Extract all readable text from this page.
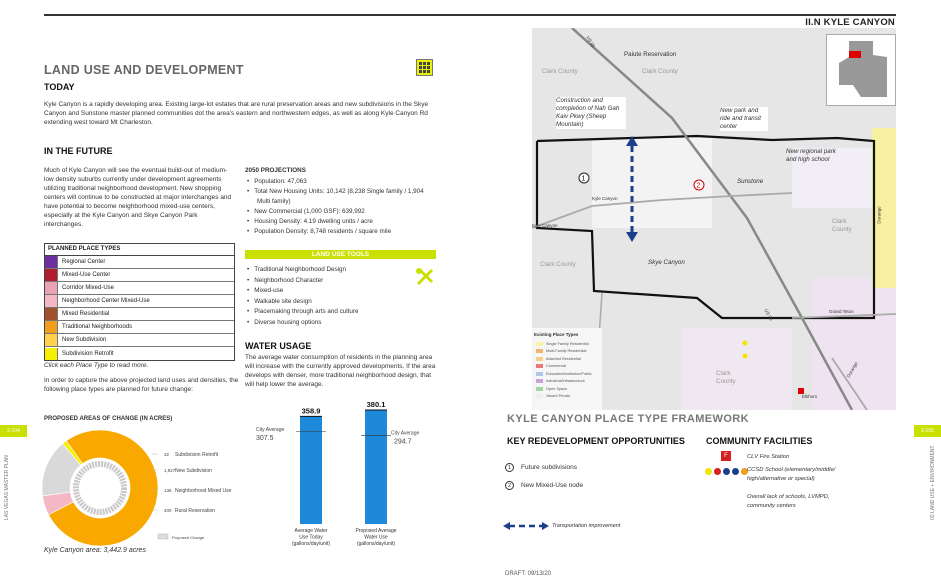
II.N KYLE CANYON
LAND USE AND DEVELOPMENT
TODAY
Kyle Canyon is a rapidly developing area. Existing large-lot estates that are rural preservation areas and new subdivisions in the Skye Canyon and Sunstone master planned communities dot the area's eastern and northwestern edges, as well as along Kyle Canyon Rd extending west toward Mt Charleston.
IN THE FUTURE
Much of Kyle Canyon will see the eventual build-out of medium-low density suburbs currently under development agreements utilizing traditional neighborhood development. New shopping centers will continue to be constructed at major interchanges and have potential to become neighborhood mixed-use centers, especially at the Kyle Canyon and Skye Canyon Park interchanges.
2050 PROJECTIONS
• Population: 47,063
• Total New Housing Units: 10,142 (8,238 Single family / 1,904 Multi family)
• New Commercial (1,000 GSF): 639,992
• Housing Density: 4.19 dwelling units / acre
• Population Density: 8,748 residents / square mile
PLANNED PLACE TYPES
Regional Center
Mixed-Use Center
Corridor Mixed-Use
Neighborhood Center Mixed-Use
Mixed Residential
Traditional Neighborhoods
New Subdivision
Subdivision Retrofit
Click each Place Type to read more.
In order to capture the above projected land uses and densities, the following place types are planned for future change:
LAND USE TOOLS
• Traditional Neighborhood Design
• Neighborhood Character
• Mixed-use
• Walkable site design
• Placemaking through arts and culture
• Diverse housing options
WATER USAGE
The average water consumption of residents in the planning area will increase with the currently approved developments. If the area develops with denser, more traditional neighborhood design, that will help lower the average.
PROPOSED AREAS OF CHANGE (IN ACRES)
32 Subdivision Retrofit
1,927 New Subdivision
136 Neighborhood Mixed Use
400 Rural Reservation
Proposed Change
Kyle Canyon area: 3,442.9 acres
358.9
City Average
307.5
Average Water
Use Today
(gallons/day/unit)
380.1
City Average
294.7
Proposed Average
Water Use
(gallons/day/unit)
2-104	2-105
LAS VEGAS MASTER PLAN	02 LAND USE + ENVIRONMENT
1
2
Existing Place Types
Single Family Residential
Multi-Family Residential
Attached Residential
Commercial
Education/Institution/Public
Industrial/Infrastructure
Open Space
Vacant Private
Paiute Reservation
Clark County	Clark County
Clark County
Clark County
Clark County
Construction and completion of Nah Gah Kaiv Pkwy (Sheep Mountain)
New park and ride and transit center
New regional park and high school
Sunstone
Skye Canyon
Kyle Canyon
Kyle Canyon
Grand Teton
Elkhorn
Durango
Durango
US 95
US 95
KYLE CANYON PLACE TYPE FRAMEWORK
KEY REDEVELOPMENT OPPORTUNITIES
1	Future subdivisions
2	New Mixed-Use node
Transportation improvement
COMMUNITY FACILITIES
F	CLV Fire Station
CCSD School (elementary/middle/ high/alternative or special)
Overall lack of schools, LVMPD, community centers
DRAFT: 09/13/20
